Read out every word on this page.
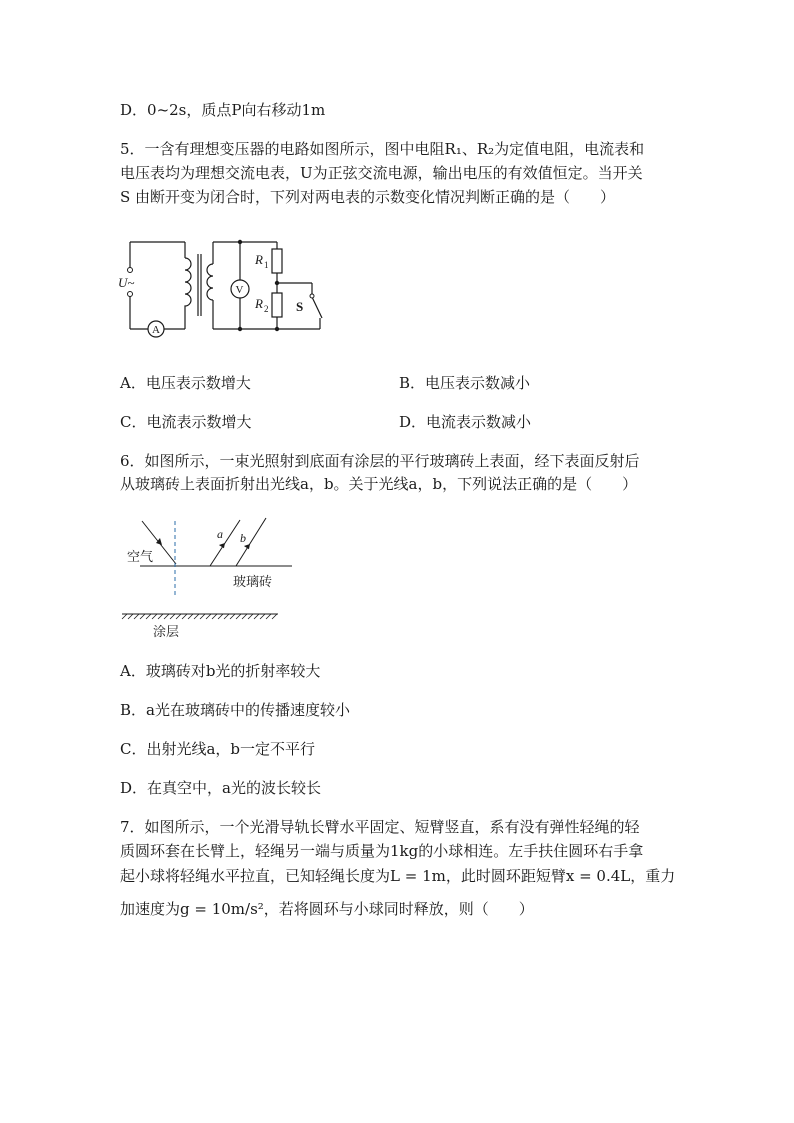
D．0~2s，质点P向右移动1m
5．一含有理想变压器的电路如图所示，图中电阻R₁、R₂为定值电阻，电流表和
电压表均为理想交流电表，U为正弦交流电源，输出电压的有效值恒定。当开关
S 由断开变为闭合时，下列对两电表的示数变化情况判断正确的是（　　）
A
V
U~
R 1
R 2 S
A．电压表示数增大	B．电压表示数减小
C．电流表示数增大	D．电流表示数减小
6．如图所示，一束光照射到底面有涂层的平行玻璃砖上表面，经下表面反射后
从玻璃砖上表面折射出光线a，b。关于光线a，b，下列说法正确的是（　　）
空气
玻璃砖
涂层
a b
A．玻璃砖对b光的折射率较大
B．a光在玻璃砖中的传播速度较小
C．出射光线a，b一定不平行
D．在真空中，a光的波长较长
7．如图所示，一个光滑导轨长臂水平固定、短臂竖直，系有没有弹性轻绳的轻
质圆环套在长臂上，轻绳另一端与质量为1kg的小球相连。左手扶住圆环右手拿
起小球将轻绳水平拉直，已知轻绳长度为L = 1m，此时圆环距短臂x = 0.4L，重力
加速度为g = 10m/s²，若将圆环与小球同时释放，则（　　）
